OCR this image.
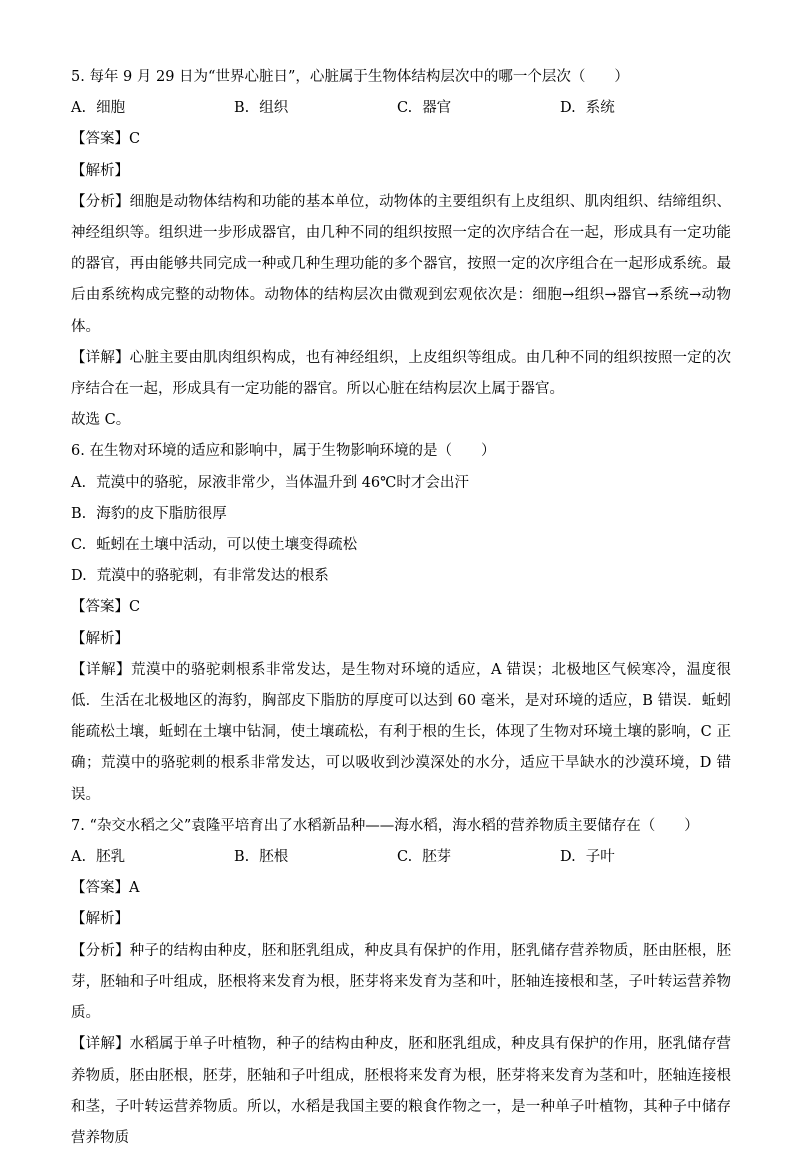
5. 每年 9 月 29 日为“世界心脏日”，心脏属于生物体结构层次中的哪一个层次（　　）
A. 细胞	B. 组织	C. 器官	D. 系统
【答案】C
【解析】
【分析】细胞是动物体结构和功能的基本单位，动物体的主要组织有上皮组织、肌肉组织、结缔组织、神经组织等。组织进一步形成器官，由几种不同的组织按照一定的次序结合在一起，形成具有一定功能的器官，再由能够共同完成一种或几种生理功能的多个器官，按照一定的次序组合在一起形成系统。最后由系统构成完整的动物体。动物体的结构层次由微观到宏观依次是：细胞→组织→器官→系统→动物体。
【详解】心脏主要由肌肉组织构成，也有神经组织，上皮组织等组成。由几种不同的组织按照一定的次序结合在一起，形成具有一定功能的器官。所以心脏在结构层次上属于器官。
故选 C。
6. 在生物对环境的适应和影响中，属于生物影响环境的是（　　）
A. 荒漠中的骆驼，尿液非常少，当体温升到 46℃时才会出汗
B. 海豹的皮下脂肪很厚
C. 蚯蚓在土壤中活动，可以使土壤变得疏松
D. 荒漠中的骆驼刺，有非常发达的根系
【答案】C
【解析】
【详解】荒漠中的骆驼刺根系非常发达，是生物对环境的适应，A 错误；北极地区气候寒冷，温度很低．生活在北极地区的海豹，胸部皮下脂肪的厚度可以达到 60 毫米，是对环境的适应，B 错误．蚯蚓能疏松土壤，蚯蚓在土壤中钻洞，使土壤疏松，有利于根的生长，体现了生物对环境土壤的影响，C 正确；荒漠中的骆驼刺的根系非常发达，可以吸收到沙漠深处的水分，适应干旱缺水的沙漠环境，D 错误。
7. “杂交水稻之父”袁隆平培育出了水稻新品种——海水稻，海水稻的营养物质主要储存在（　　）
A. 胚乳	B. 胚根	C. 胚芽	D. 子叶
【答案】A
【解析】
【分析】种子的结构由种皮，胚和胚乳组成，种皮具有保护的作用，胚乳储存营养物质，胚由胚根，胚芽，胚轴和子叶组成，胚根将来发育为根，胚芽将来发育为茎和叶，胚轴连接根和茎，子叶转运营养物质。
【详解】水稻属于单子叶植物，种子的结构由种皮，胚和胚乳组成，种皮具有保护的作用，胚乳储存营养物质，胚由胚根，胚芽，胚轴和子叶组成，胚根将来发育为根，胚芽将来发育为茎和叶，胚轴连接根和茎，子叶转运营养物质。所以，水稻是我国主要的粮食作物之一，是一种单子叶植物，其种子中储存营养物质
